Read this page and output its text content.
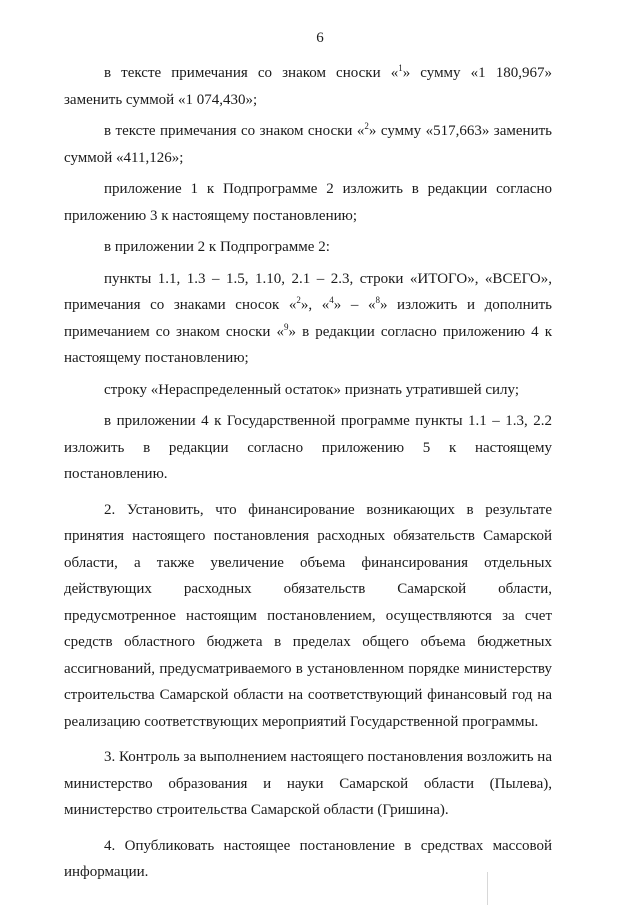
6

в тексте примечания со знаком сноски «$^1$» сумму «1 180,967» заменить суммой «1 074,430»;

в тексте примечания со знаком сноски «$^2$» сумму «517,663» заменить суммой «411,126»;

приложение 1 к Подпрограмме 2 изложить в редакции согласно приложению 3 к настоящему постановлению;

в приложении 2 к Подпрограмме 2:

пункты 1.1, 1.3 – 1.5, 1.10, 2.1 – 2.3, строки «ИТОГО», «ВСЕГО», примечания со знаками сносок «$^2$», «$^4$» – «$^8$» изложить и дополнить примечанием со знаком сноски «$^9$» в редакции согласно приложению 4 к настоящему постановлению;

строку «Нераспределенный остаток» признать утратившей силу;

в приложении 4 к Государственной программе пункты 1.1 – 1.3, 2.2 изложить в редакции согласно приложению 5 к настоящему постановлению.

2. Установить, что финансирование возникающих в результате принятия настоящего постановления расходных обязательств Самарской области, а также увеличение объема финансирования отдельных действующих расходных обязательств Самарской области, предусмотренное настоящим постановлением, осуществляются за счет средств областного бюджета в пределах общего объема бюджетных ассигнований, предусматриваемого в установленном порядке министерству строительства Самарской области на соответствующий финансовый год на реализацию соответствующих мероприятий Государственной программы.

3. Контроль за выполнением настоящего постановления возложить на министерство образования и науки Самарской области (Пылева), министерство строительства Самарской области (Гришина).

4. Опубликовать настоящее постановление в средствах массовой информации.
